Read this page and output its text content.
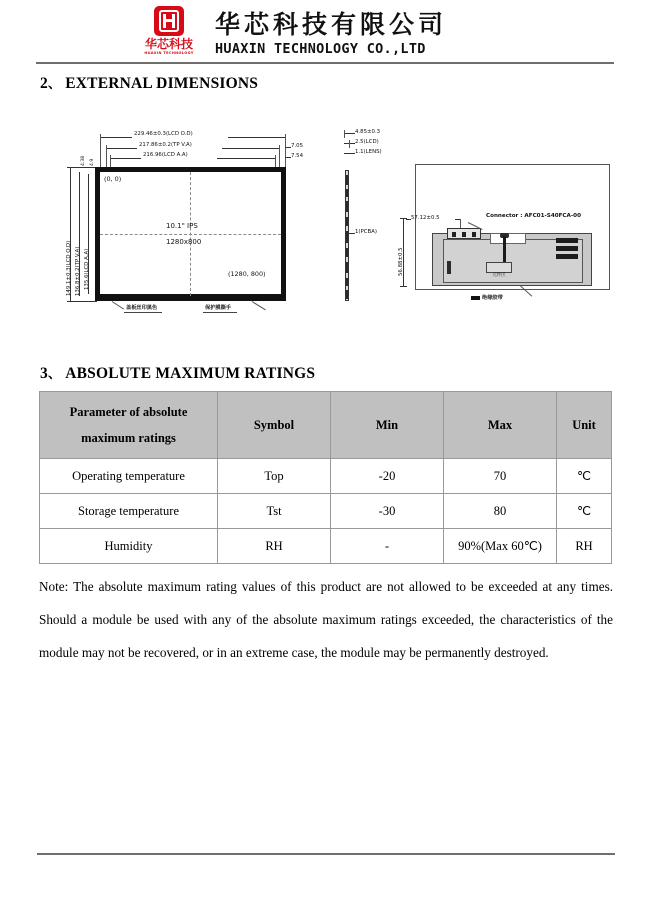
华芯科技
HUAXIN TECHNOLOGY
华芯科技有限公司
HUAXIN TECHNOLOGY CO.,LTD
2、 EXTERNAL DIMENSIONS
229.46±0.3(LCD O.D)
217.86±0.2(TP V.A)
216.96(LCD A.A)
7.05
7.54
4.38 4.9
149.1±0.3(LCD O.D) 136.8±0.2(TP V.A) 135.6(LCD A.A)
(0, 0)
(1280, 800)
10.1" IPS
1280x800
盖板丝印黑色	保护膜撕手
4.85±0.3
2.5(LCD)
1.1(LENS)
1(PCBA)
56.88±0.5
57.12±0.5	Connector : AFC01-S40FCA-00
元件区
绝缘胶带
3、 ABSOLUTE MAXIMUM RATINGS
Parameter of absolute
maximum ratings	Symbol	Min	Max	Unit
Operating temperature	Top	-20	70	℃
Storage temperature	Tst	-30	80	℃
Humidity	RH	-	90%(Max 60℃)	RH
Note: The absolute maximum rating values of this product are not allowed to be exceeded at any times. Should a module be used with any of the absolute maximum ratings exceeded, the characteristics of the module may not be recovered, or in an extreme case, the module may be permanently destroyed.
